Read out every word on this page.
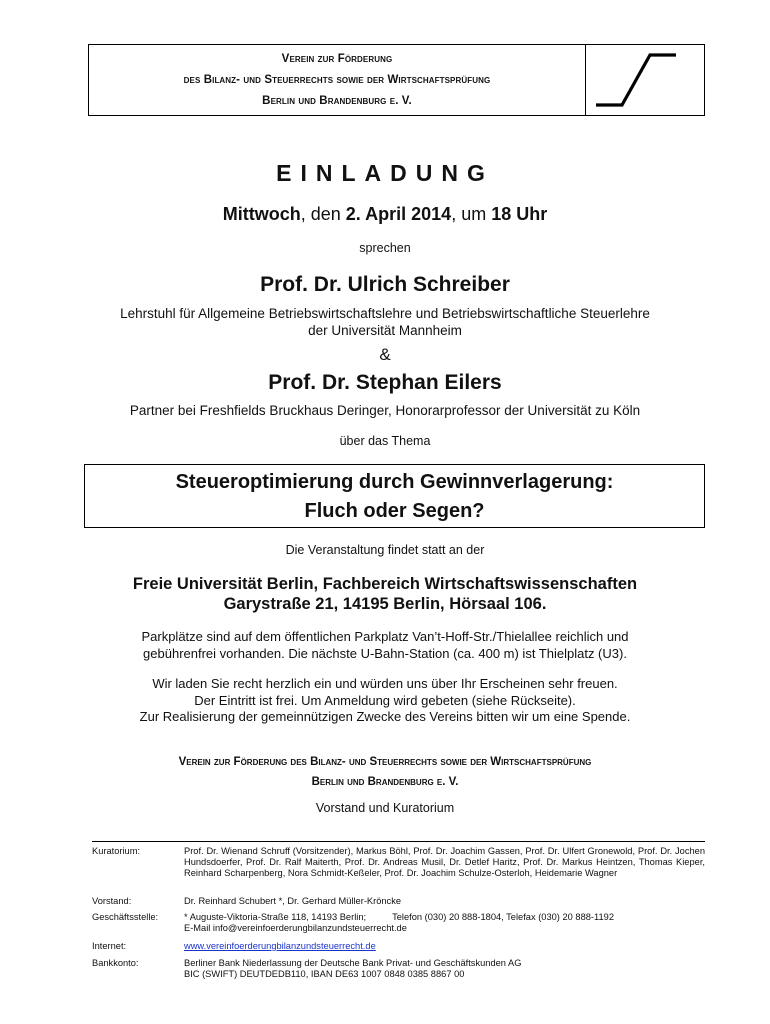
Verein zur Förderung
des Bilanz- und Steuerrechts sowie der Wirtschaftsprüfung
Berlin und Brandenburg e. V.
EINLADUNG
Mittwoch, den 2. April 2014, um 18 Uhr
sprechen
Prof. Dr. Ulrich Schreiber
Lehrstuhl für Allgemeine Betriebswirtschaftslehre und Betriebswirtschaftliche Steuerlehre
der Universität Mannheim
&
Prof. Dr. Stephan Eilers
Partner bei Freshfields Bruckhaus Deringer, Honorarprofessor der Universität zu Köln
über das Thema
Steueroptimierung durch Gewinnverlagerung:
Fluch oder Segen?
Die Veranstaltung findet statt an der
Freie Universität Berlin, Fachbereich Wirtschaftswissenschaften
Garystraße 21, 14195 Berlin, Hörsaal 106.
Parkplätze sind auf dem öffentlichen Parkplatz Van’t-Hoff-Str./Thielallee reichlich und
gebührenfrei vorhanden. Die nächste U-Bahn-Station (ca. 400 m) ist Thielplatz (U3).
Wir laden Sie recht herzlich ein und würden uns über Ihr Erscheinen sehr freuen.
Der Eintritt ist frei. Um Anmeldung wird gebeten (siehe Rückseite).
Zur Realisierung der gemeinnützigen Zwecke des Vereins bitten wir um eine Spende.
Verein zur Förderung des Bilanz- und Steuerrechts sowie der Wirtschaftsprüfung
Berlin und Brandenburg e. V.
Vorstand und Kuratorium
Kuratorium:	Prof. Dr. Wienand Schruff (Vorsitzender), Markus Böhl, Prof. Dr. Joachim Gassen, Prof. Dr. Ulfert Gronewold, Prof. Dr. Jochen Hundsdoerfer, Prof. Dr. Ralf Maiterth, Prof. Dr. Andreas Musil, Dr. Detlef Haritz, Prof. Dr. Markus Heintzen, Thomas Kieper, Reinhard Scharpenberg, Nora Schmidt-Keßeler, Prof. Dr. Joachim Schulze-Osterloh, Heidemarie Wagner
Vorstand:	Dr. Reinhard Schubert *, Dr. Gerhard Müller-Kröncke
Geschäftsstelle:	* Auguste-Viktoria-Straße 118, 14193 Berlin;	Telefon (030) 20 888-1804, Telefax (030) 20 888-1192
E-Mail info@vereinfoerderungbilanzundsteuerrecht.de
Internet:	www.vereinfoerderungbilanzundsteuerrecht.de
Bankkonto:	Berliner Bank Niederlassung der Deutsche Bank Privat- und Geschäftskunden AG
BIC (SWIFT) DEUTDEDB110, IBAN DE63 1007 0848 0385 8867 00
